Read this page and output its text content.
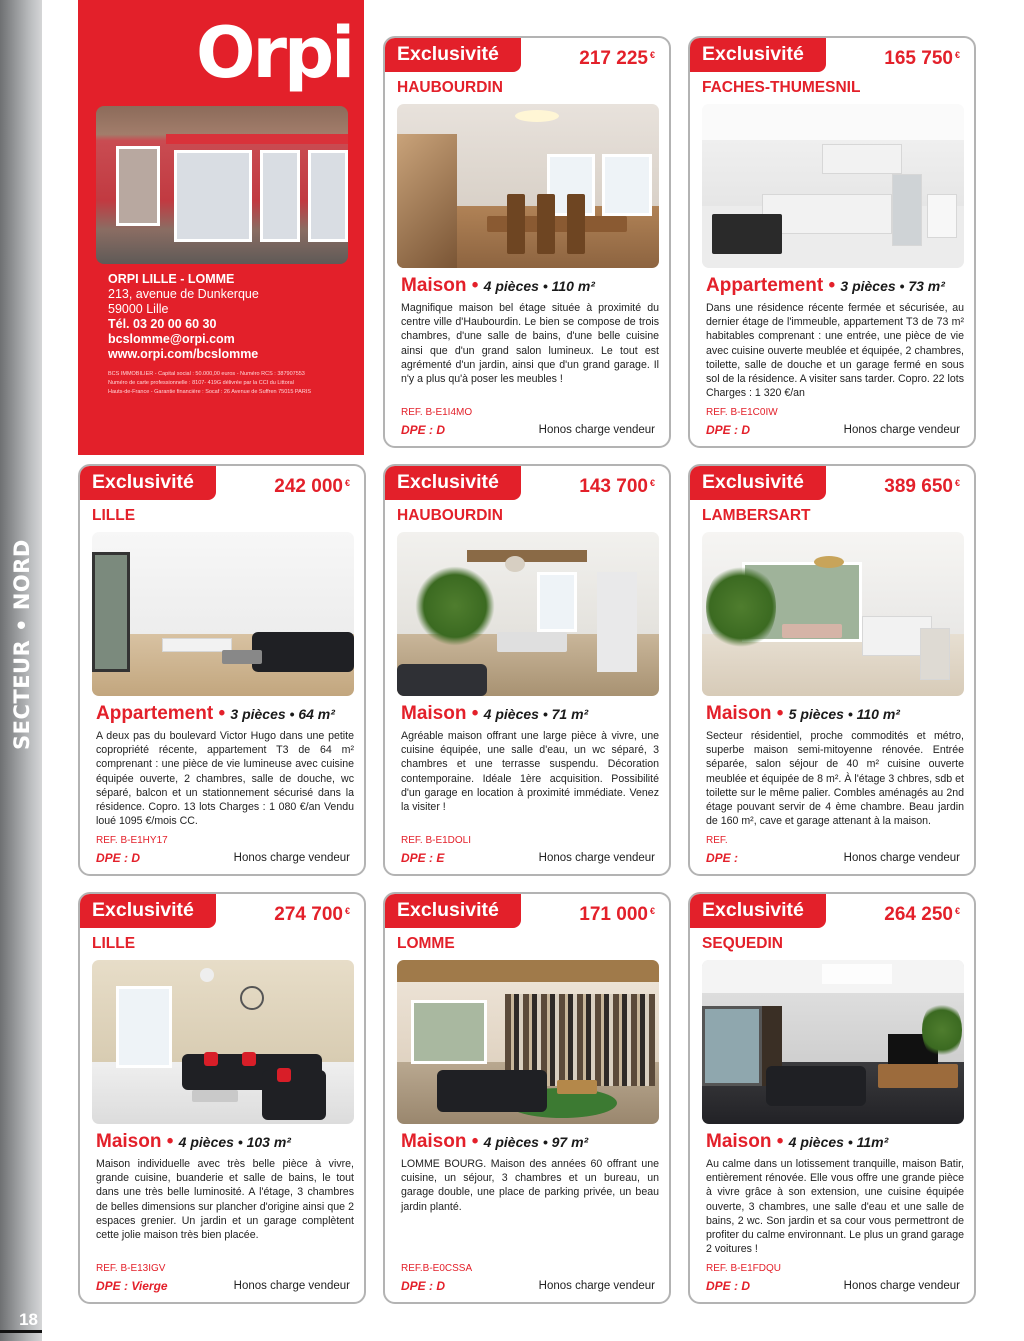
SECTEUR • NORD
18
Orpi
ORPI LILLE - LOMME
213, avenue de Dunkerque
59000 Lille
Tél. 03 20 00 60 30
bcslomme@orpi.com
www.orpi.com/bcslomme
BCS IMMOBILIER - Capital social : 50.000,00 euros - Numéro RCS : 387907553
Numéro de carte professionnelle : 8107- 419G délivrée par la CCI du Littoral
Hauts-de-France - Garantie financière : Socaf : 26 Avenue de Suffren 75015 PARIS
Exclusivité	217 225 €
HAUBOURDIN
Maison • 4 pièces • 110 m²
Magnifique maison bel étage située à proximité du centre ville d'Haubourdin. Le bien se compose de trois chambres, d'une salle de bains, d'une belle cuisine ainsi que d'un grand salon lumineux. Le tout est agrémenté d'un jardin, ainsi que d'un grand garage. Il n'y a plus qu'à poser les meubles !
REF. B-E1I4MO
DPE : D	Honos charge vendeur
Exclusivité	165 750 €
FACHES-THUMESNIL
Appartement • 3 pièces • 73 m²
Dans une résidence récente fermée et sécurisée, au dernier étage de l'immeuble, appartement T3 de 73 m² habitables comprenant : une entrée, une pièce de vie avec cuisine ouverte meublée et équipée, 2 chambres, toilette, salle de douche et un garage fermé en sous sol de la résidence. A visiter sans tarder. Copro. 22 lots Charges : 1 320 €/an
REF. B-E1C0IW
DPE : D	Honos charge vendeur
Exclusivité	242 000 €
LILLE
Appartement • 3 pièces • 64 m²
A deux pas du boulevard Victor Hugo dans une petite copropriété récente, appartement T3 de 64 m² comprenant : une pièce de vie lumineuse avec cuisine équipée ouverte, 2 chambres, salle de douche, wc séparé, balcon et un stationnement sécurisé dans la résidence. Copro. 13 lots Charges : 1 080 €/an Vendu loué 1095 €/mois CC.
REF. B-E1HY17
DPE : D	Honos charge vendeur
Exclusivité	143 700 €
HAUBOURDIN
Maison • 4 pièces • 71 m²
Agréable maison offrant une large pièce à vivre, une cuisine équipée, une salle d'eau, un wc séparé, 3 chambres et une terrasse suspendu. Décoration contemporaine. Idéale 1ère acquisition. Possibilité d'un garage en location à proximité immédiate. Venez la visiter !
REF. B-E1DOLI
DPE : E	Honos charge vendeur
Exclusivité	389 650 €
LAMBERSART
Maison • 5 pièces • 110 m²
Secteur résidentiel, proche commodités et métro, superbe maison semi-mitoyenne rénovée. Entrée séparée, salon séjour de 40 m² cuisine ouverte meublée et équipée de 8 m². À l'étage 3 chbres, sdb et toilette sur le même palier. Combles aménagés au 2nd étage pouvant servir de 4 ème chambre. Beau jardin de 160 m², cave et garage attenant à la maison.
REF.
DPE :	Honos charge vendeur
Exclusivité	274 700 €
LILLE
Maison • 4 pièces • 103 m²
Maison individuelle avec très belle pièce à vivre, grande cuisine, buanderie et salle de bains, le tout dans une très belle luminosité. A l'étage, 3 chambres de belles dimensions sur plancher d'origine ainsi que 2 espaces grenier. Un jardin et un garage complètent cette jolie maison très bien placée.
REF. B-E13IGV
DPE : Vierge	Honos charge vendeur
Exclusivité	171 000 €
LOMME
Maison • 4 pièces • 97 m²
LOMME BOURG. Maison des années 60 offrant une cuisine, un séjour, 3 chambres et un bureau, un garage double, une place de parking privée, un beau jardin planté.
REF.B-E0CSSA
DPE : D	Honos charge vendeur
Exclusivité	264 250 €
SEQUEDIN
Maison • 4 pièces • 11m²
Au calme dans un lotissement tranquille, maison Batir, entièrement rénovée. Elle vous offre une grande pièce à vivre grâce à son extension, une cuisine équipée ouverte, 3 chambres, une salle d'eau et une salle de bains, 2 wc. Son jardin et sa cour vous permettront de profiter du calme environnant. Le plus un grand garage 2 voitures !
REF. B-E1FDQU
DPE : D	Honos charge vendeur
